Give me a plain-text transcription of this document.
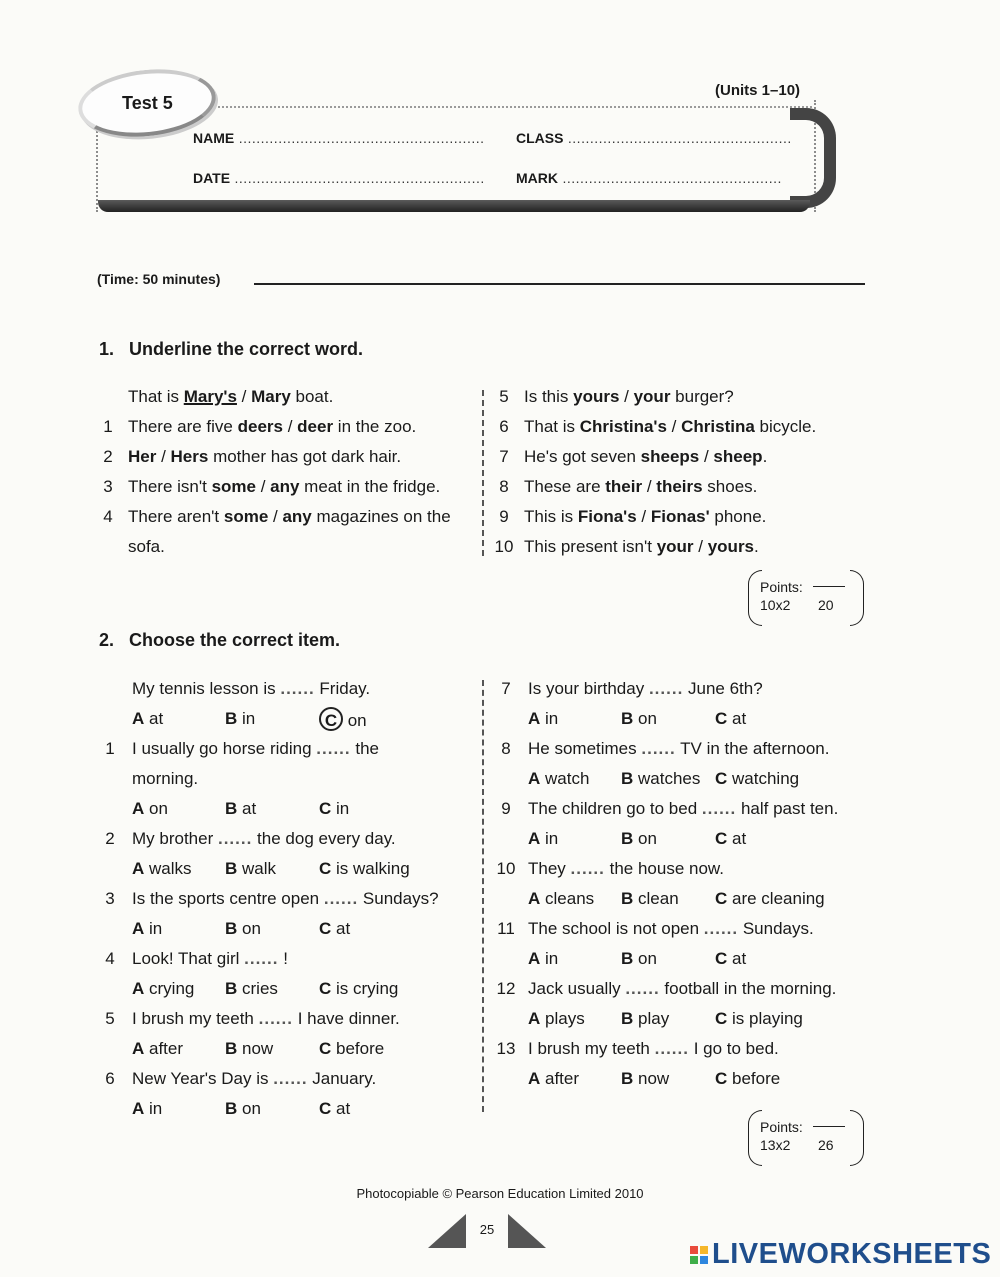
Test 5
(Units 1–10)
NAME ........................................................ CLASS ...................................................
DATE ......................................................... MARK ..................................................
(Time: 50 minutes)
1. Underline the correct word.
That is Mary's / Mary boat.
1 There are five deers / deer in the zoo.
2 Her / Hers mother has got dark hair.
3 There isn't some / any meat in the fridge.
4 There aren't some / any magazines on the
sofa.
5 Is this yours / your burger?
6 That is Christina's / Christina bicycle.
7 He's got seven sheeps / sheep.
8 These are their / theirs shoes.
9 This is Fiona's / Fionas' phone.
10 This present isn't your / yours.
Points:
10x2 20
2. Choose the correct item.
My tennis lesson is ...... Friday.
A at	B in	C on
1	I usually go horse riding ...... the
morning.
A on	B at	C in
2	My brother ...... the dog every day.
A walks B walk	C is walking
3	Is the sports centre open ...... Sundays?
A in	B on	C at
4	Look! That girl ...... !
A crying B cries C is crying
5	I brush my teeth ...... I have dinner.
A after B now	C before
6	New Year's Day is ...... January.
A in	B on	C at
7	Is your birthday ...... June 6th?
A in	B on	C at
8	He sometimes ...... TV in the afternoon.
A watch B watches C watching
9	The children go to bed ...... half past ten.
A in	B on	C at
10 They ...... the house now.
A cleans B clean C are cleaning
11 The school is not open ...... Sundays.
A in	B on	C at
12 Jack usually ...... football in the morning.
A plays B play	C is playing
13 I brush my teeth ...... I go to bed.
A after B now	C before
Points:
13x2 26
Photocopiable © Pearson Education Limited 2010
25
LIVEWORKSHEETS
